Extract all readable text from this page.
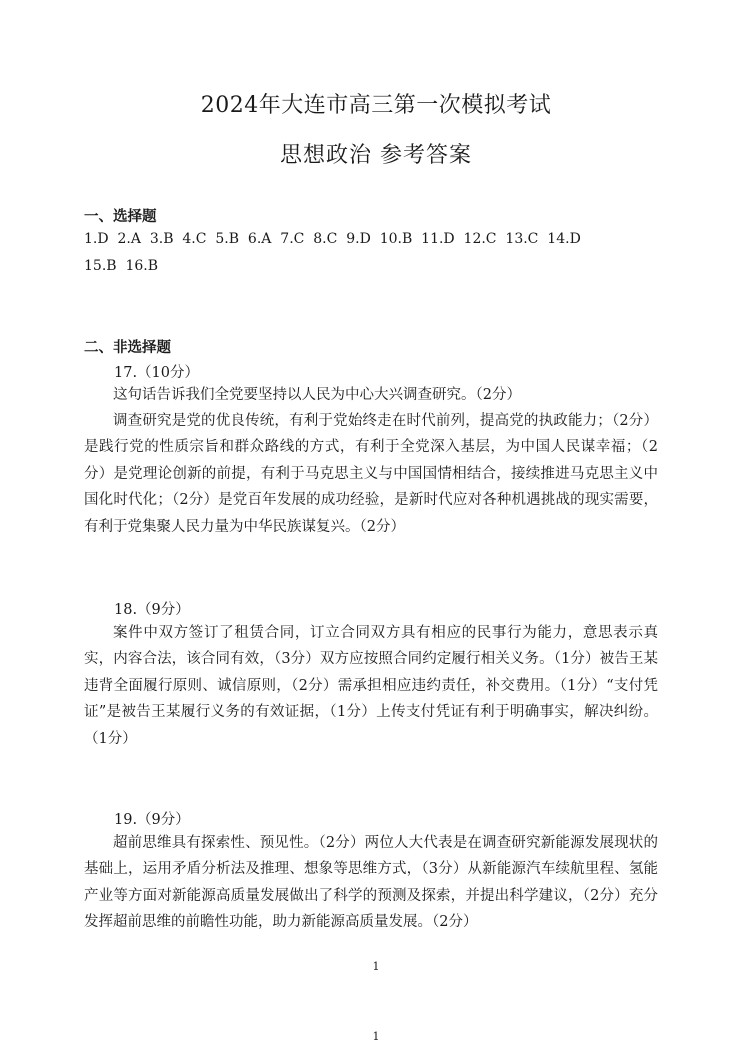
2024年大连市高三第一次模拟考试
思想政治 参考答案
一、选择题
1.D  2.A  3.B  4.C  5.B  6.A  7.C  8.C  9.D  10.B  11.D  12.C  13.C  14.D
15.B  16.B
二、非选择题
17.（10分）
这句话告诉我们全党要坚持以人民为中心大兴调查研究。（2分）
调查研究是党的优良传统，有利于党始终走在时代前列，提高党的执政能力；（2分）是践行党的性质宗旨和群众路线的方式，有利于全党深入基层，为中国人民谋幸福；（2分）是党理论创新的前提，有利于马克思主义与中国国情相结合，接续推进马克思主义中国化时代化；（2分）是党百年发展的成功经验，是新时代应对各种机遇挑战的现实需要，有利于党集聚人民力量为中华民族谋复兴。（2分）
18.（9分）
案件中双方签订了租赁合同，订立合同双方具有相应的民事行为能力，意思表示真实，内容合法，该合同有效，（3分）双方应按照合同约定履行相关义务。（1分）被告王某违背全面履行原则、诚信原则，（2分）需承担相应违约责任，补交费用。（1分）“支付凭证”是被告王某履行义务的有效证据，（1分）上传支付凭证有利于明确事实，解决纠纷。（1分）
19.（9分）
超前思维具有探索性、预见性。（2分）两位人大代表是在调查研究新能源发展现状的基础上，运用矛盾分析法及推理、想象等思维方式，（3分）从新能源汽车续航里程、氢能产业等方面对新能源高质量发展做出了科学的预测及探索，并提出科学建议，（2分）充分发挥超前思维的前瞻性功能，助力新能源高质量发展。（2分）
1
1
